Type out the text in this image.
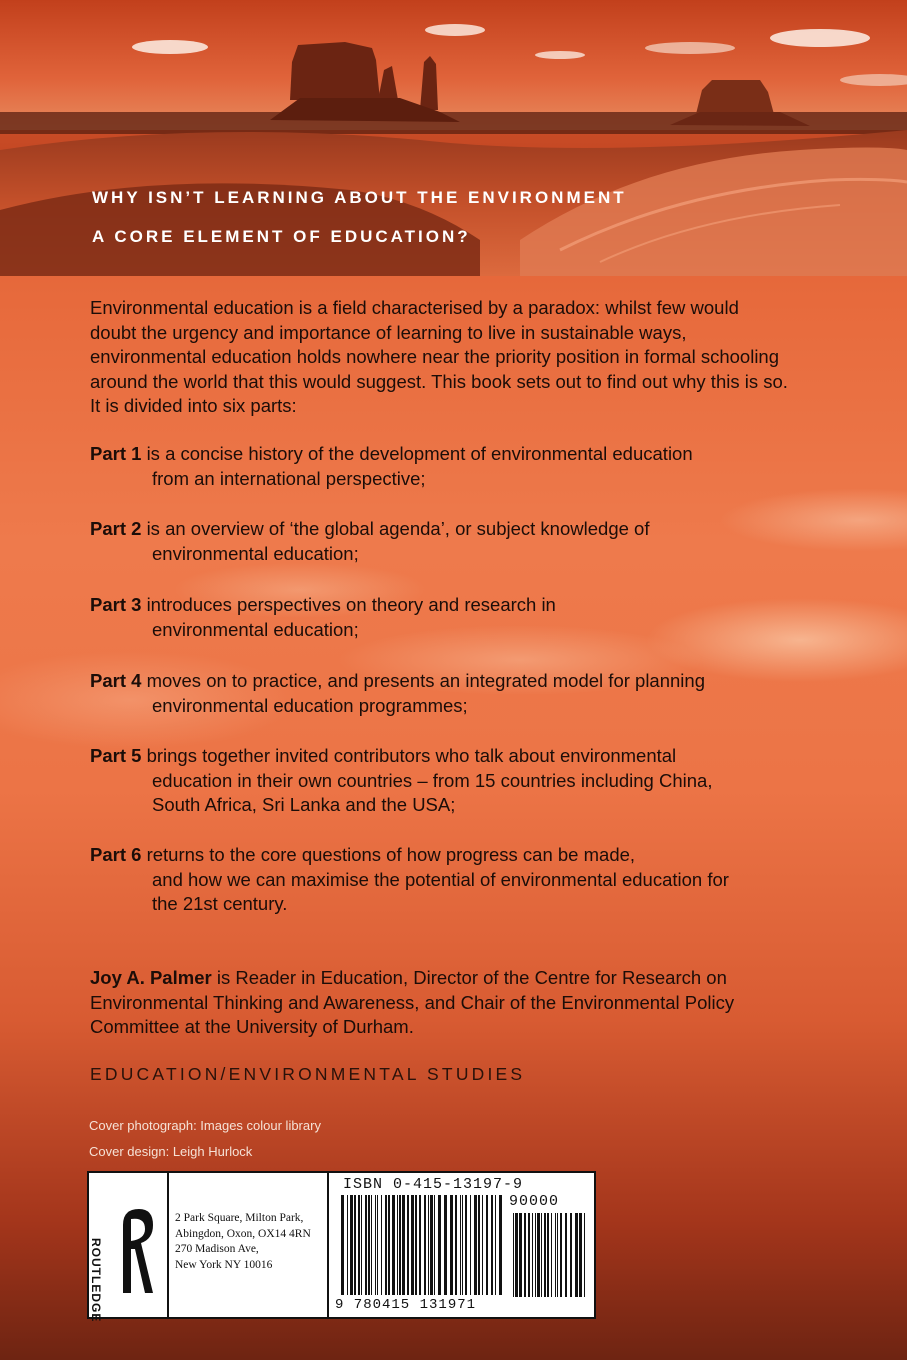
WHY ISN’T LEARNING ABOUT THE ENVIRONMENT
A CORE ELEMENT OF EDUCATION?
Environmental education is a field characterised by a paradox: whilst few would doubt the urgency and importance of learning to live in sustainable ways, environmental education holds nowhere near the priority position in formal schooling around the world that this would suggest. This book sets out to find out why this is so. It is divided into six parts:
Part 1 is a concise history of the development of environmental education
from an international perspective;
Part 2 is an overview of ‘the global agenda’, or subject knowledge of
environmental education;
Part 3 introduces perspectives on theory and research in
environmental education;
Part 4 moves on to practice, and presents an integrated model for planning
environmental education programmes;
Part 5 brings together invited contributors who talk about environmental
education in their own countries – from 15 countries including China,
South Africa, Sri Lanka and the USA;
Part 6 returns to the core questions of how progress can be made,
and how we can maximise the potential of environmental education for
the 21st century.
Joy A. Palmer is Reader in Education, Director of the Centre for Research on Environmental Thinking and Awareness, and Chair of the Environmental Policy Committee at the University of Durham.
EDUCATION/ENVIRONMENTAL STUDIES
Cover photograph: Images colour library
Cover design: Leigh Hurlock
ROUTLEDGE
2 Park Square, Milton Park,
Abingdon, Oxon, OX14 4RN
270 Madison Ave,
New York NY 10016
ISBN 0-415-13197-9
90000
9 780415 131971
